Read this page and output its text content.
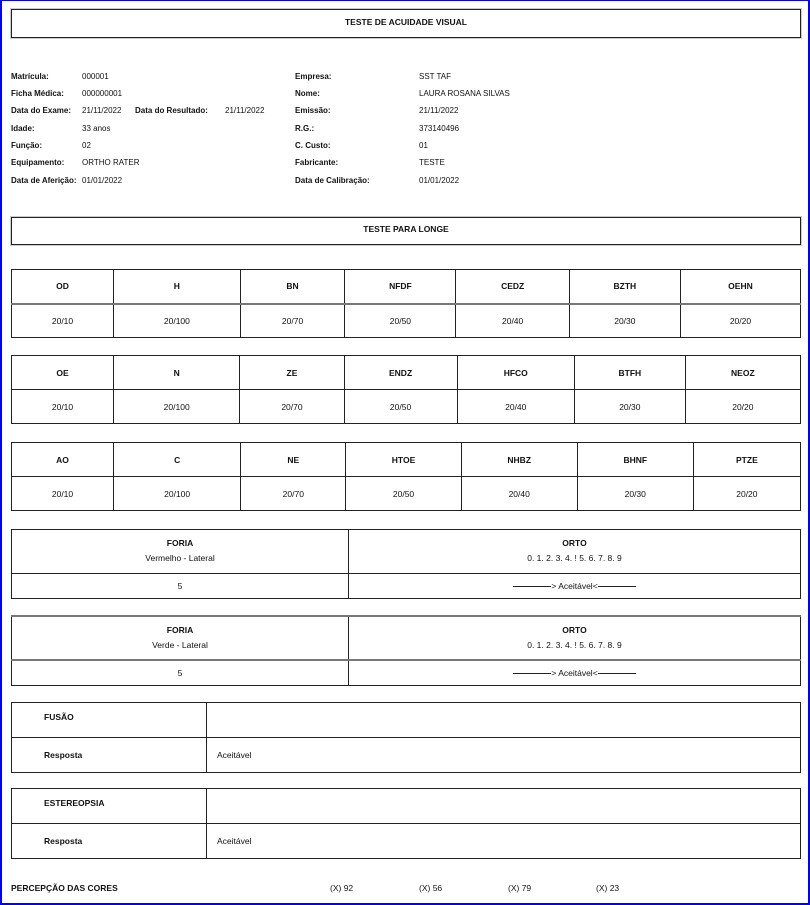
TESTE DE ACUIDADE VISUAL
Matrícula:	000001
Ficha Médica: 000000001
Data do Exame: 21/11/2022 Data do Resultado: 21/11/2022
Idade:	33 anos
Função:	02
Equipamento: ORTHO RATER
Data de Aferição: 01/01/2022
Empresa:	SST TAF
Nome:	LAURA ROSANA SILVAS
Emissão:	21/11/2022
R.G.:	373140496
C. Custo:	01
Fabricante:	TESTE
Data de Calibração:	01/01/2022
TESTE PARA LONGE
OD	H	BN	NFDF	CEDZ	BZTH	OEHN
20/10	20/100	20/70	20/50	20/40	20/30	20/20
OE	N	ZE	ENDZ	HFCO	BTFH	NEOZ
20/10	20/100	20/70	20/50	20/40	20/30	20/20
AO	C	NE	HTOE	NHBZ	BHNF	PTZE
20/10	20/100	20/70	20/50	20/40	20/30	20/20
FORIA
Vermelho - Lateral

ORTO
0. 1. 2. 3. 4. ! 5. 6. 7. 8. 9

5	> Aceitável<
FORIA
Verde - Lateral

ORTO
0. 1. 2. 3. 4. ! 5. 6. 7. 8. 9

5	> Aceitável<
FUSÃO	
Resposta	Aceitável
ESTEREOPSIA	
Resposta	Aceitável
PERCEPÇÃO DAS CORES	(X) 92	(X) 56	(X) 79	(X) 23
